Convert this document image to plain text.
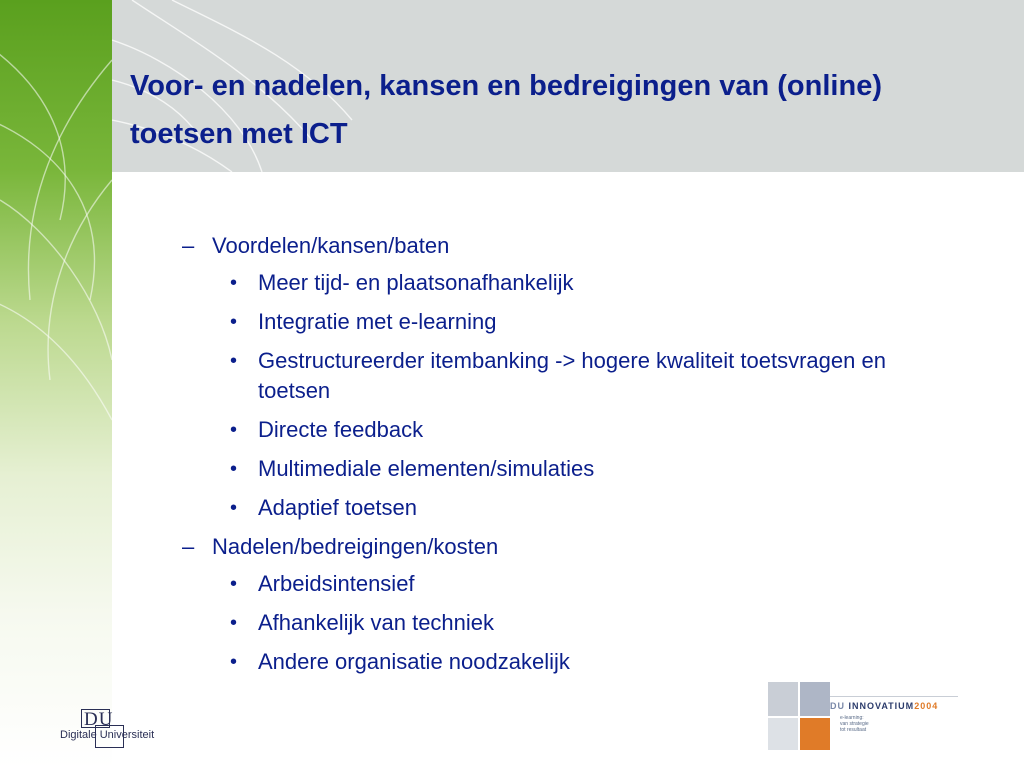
Voor- en nadelen, kansen en bedreigingen van (online) toetsen met ICT
– Voordelen/kansen/baten
• Meer tijd- en plaatsonafhankelijk
• Integratie met e-learning
• Gestructureerder itembanking -> hogere kwaliteit toetsvragen en toetsen
• Directe feedback
• Multimediale elementen/simulaties
• Adaptief toetsen
– Nadelen/bedreigingen/kosten
• Arbeidsintensief
• Afhankelijk van techniek
• Andere organisatie noodzakelijk
DU
Digitale Universiteit
DU INNOVATIUM2004
e-learning:
van strategie
tot resultaat
